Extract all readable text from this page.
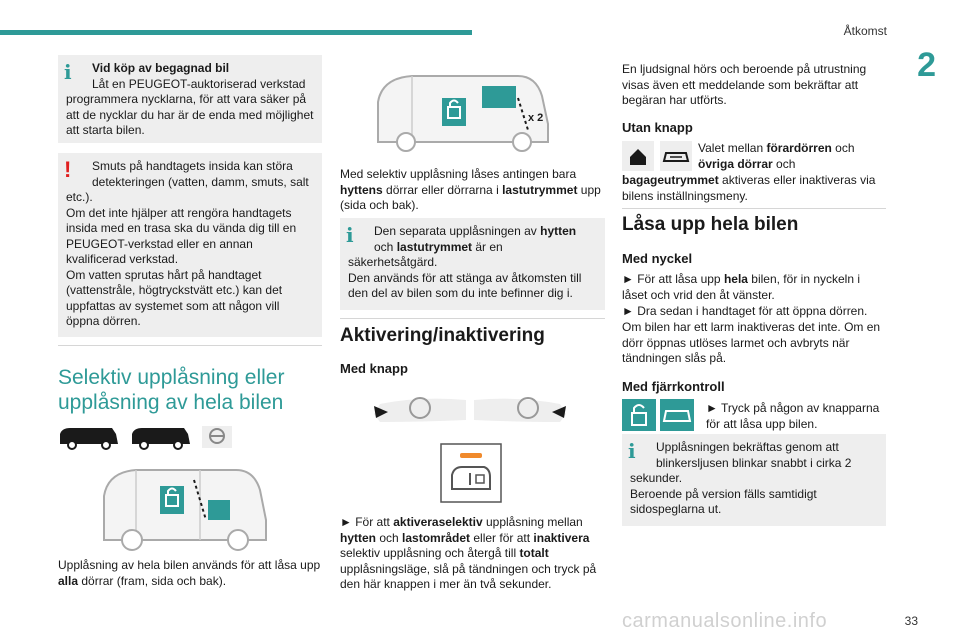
Åtkomst
2
i	Vid köp av begagnad bil

Låt en PEUGEOT-auktoriserad verkstad

programmera nycklarna, för att vara säker på att de nycklar du har är de enda med möjlighet att starta bilen.

!	Smuts på handtagets insida kan störa

detekteringen (vatten, damm, smuts, salt

etc.).

Om det inte hjälper att rengöra handtagets insida med en trasa ska du vända dig till en PEUGEOT-verkstad eller en annan kvalificerad verkstad.

Om vatten sprutas hårt på handtaget (vattenstråle, högtryckstvätt etc.) kan det uppfattas av systemet som att någon vill öppna dörren.

Selektiv upplåsning eller
upplåsning av hela bilen

Upplåsning av hela bilen används för att låsa upp alla dörrar (fram, sida och bak).

x 2

Med selektiv upplåsning låses antingen bara hyttens dörrar eller dörrarna i lastutrymmet upp (sida och bak).

i	Den separata upplåsningen av hytten

och lastutrymmet är en

säkerhetsåtgärd.

Den används för att stänga av åtkomsten till den del av bilen som du inte befinner dig i.

Aktivering/inaktivering
Med knapp

► För att aktiveraselektiv upplåsning mellan hytten och lastområdet eller för att inaktivera selektiv upplåsning och återgå till totalt upplåsningsläge, slå på tändningen och tryck på den här knappen i mer än två sekunder.

En ljudsignal hörs och beroende på utrustning visas även ett meddelande som bekräftar att begäran har utförts.

Utan knapp

Valet mellan förardörren och

övriga dörrar och

bagageutrymmet aktiveras eller inaktiveras via bilens inställningsmeny.

Låsa upp hela bilen
Med nyckel

► För att låsa upp hela bilen, för in nyckeln i låset och vrid den åt vänster.

► Dra sedan i handtaget för att öppna dörren.

Om bilen har ett larm inaktiveras det inte. Om en dörr öppnas utlöses larmet och avbryts när tändningen slås på.

Med fjärrkontroll

► Tryck på någon av knapparna

för att låsa upp bilen.

i	Upplåsningen bekräftas genom att

blinkersljusen blinkar snabbt i cirka 2

sekunder.

Beroende på version fälls samtidigt sidospeglarna ut.

carmanualsonline.info	33
